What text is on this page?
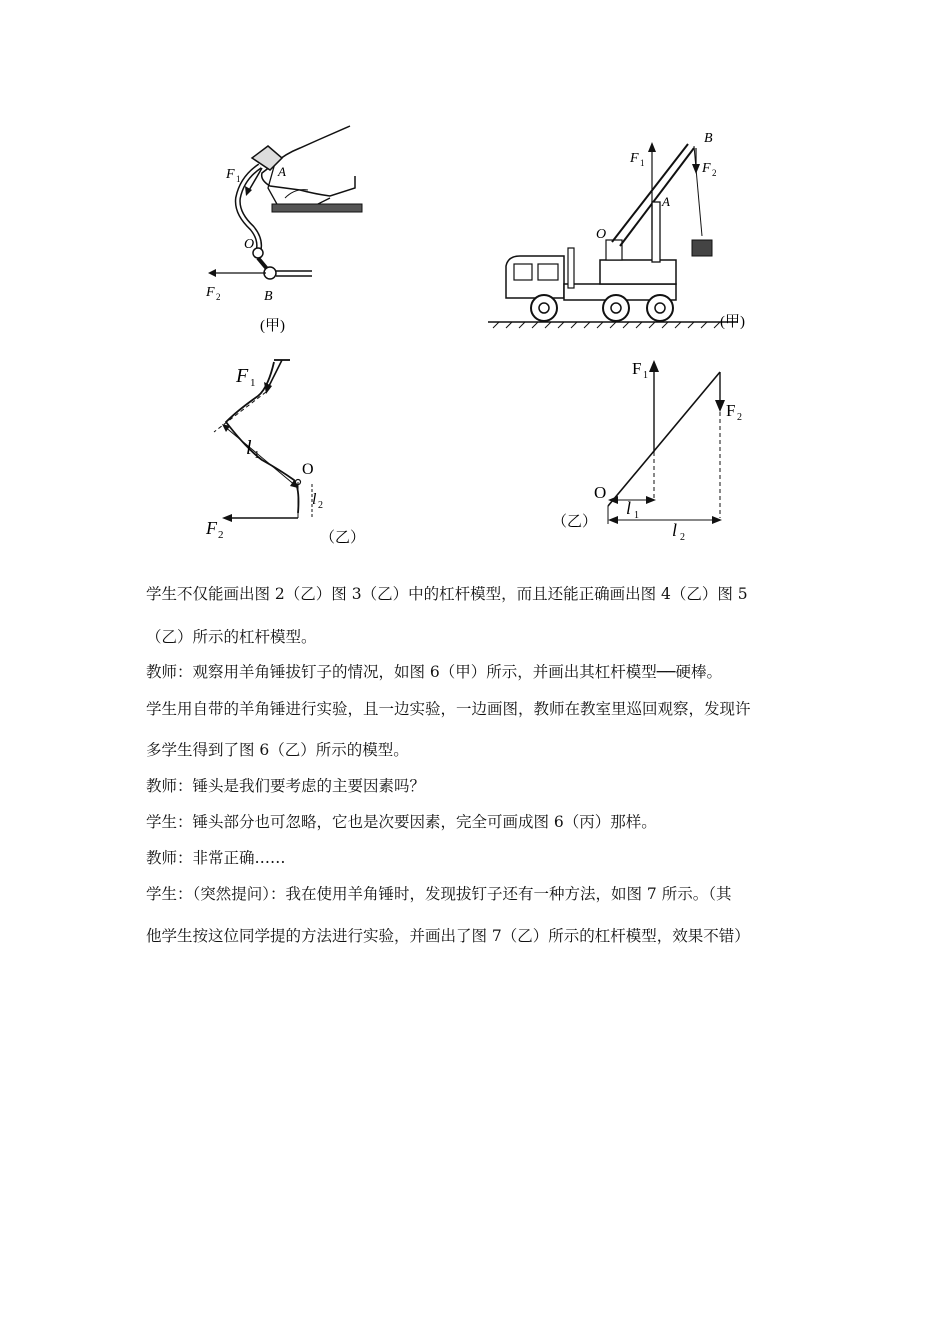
F 1	A
O
B
F 2
(甲)
F 1	F 2
A
B
O
(甲)
F 1
l 1
O
l 2
F 2	（乙）
F 1
F 2
O
l 1
l 2
（乙）
学生不仅能画出图 2（乙）图 3（乙）中的杠杆模型，而且还能正确画出图 4（乙）图 5
（乙）所示的杠杆模型。
教师：观察用羊角锤拔钉子的情况，如图 6（甲）所示，并画出其杠杆模型──硬棒。
学生用自带的羊角锤进行实验，且一边实验，一边画图，教师在教室里巡回观察，发现许
多学生得到了图 6（乙）所示的模型。
教师：锤头是我们要考虑的主要因素吗？
学生：锤头部分也可忽略，它也是次要因素，完全可画成图 6（丙）那样。
教师：非常正确……
学生：（突然提问）：我在使用羊角锤时，发现拔钉子还有一种方法，如图 7 所示。（其
他学生按这位同学提的方法进行实验，并画出了图 7（乙）所示的杠杆模型，效果不错）
